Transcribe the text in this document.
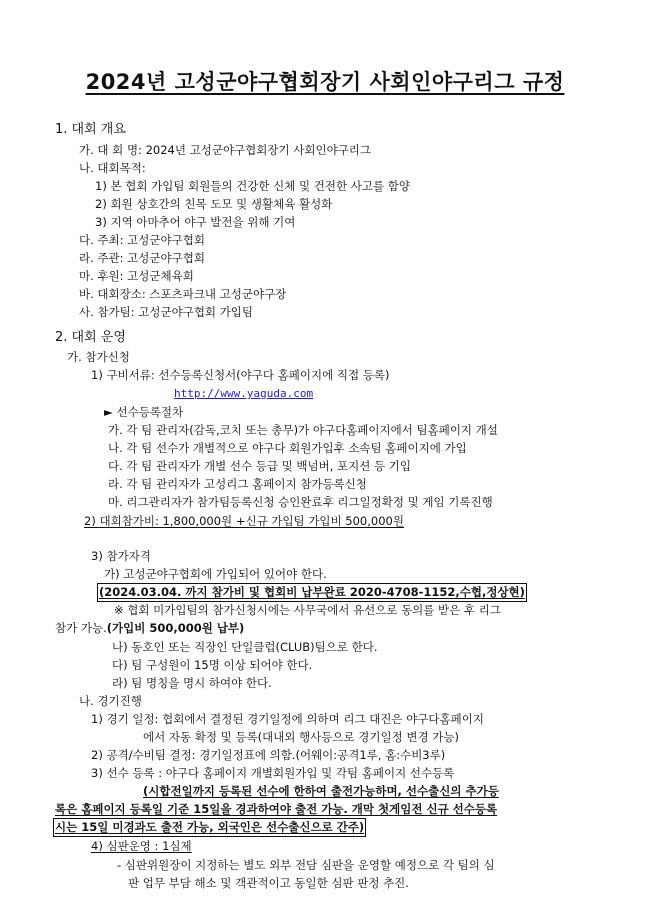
2024년 고성군야구협회장기 사회인야구리그 규정
1. 대회 개요
가. 대 회 명: 2024년 고성군야구협회장기 사회인야구리그
나. 대회목적:
1) 본 협회 가입팀 회원들의 건강한 신체 및 건전한 사고를 함양
2) 회원 상호간의 친목 도모 및 생활체육 활성화
3) 지역 아마추어 야구 발전을 위해 기여
다. 주최: 고성군야구협회
라. 주관: 고성군야구협회
마. 후원: 고성군체육회
바. 대회장소: 스포츠파크내 고성군야구장
사. 참가팀: 고성군야구협회 가입팀
2. 대회 운영
가. 참가신청
1) 구비서류: 선수등록신청서(야구다 홈페이지에 직접 등록)
http://www.yaguda.com
► 선수등록절차
가. 각 팀 관리자(감독,코치 또는 총무)가 야구다홈페이지에서 팀홈페이지 개설
나. 각 팀 선수가 개별적으로 야구다 회원가입후 소속팀 홈페이지에 가입
다. 각 팀 관리자가 개별 선수 등급 및 백넘버, 포지션 등 기입
라. 각 팀 관리자가 고성리그 홈페이지 참가등록신청
마. 리그관리자가 참가팀등록신청 승인완료후 리그일정확정 및 게임 기록진행
2) 대회참가비: 1,800,000원 +신규 가입팀 가입비 500,000원
3) 참가자격
가) 고성군야구협회에 가입되어 있어야 한다.
(2024.03.04. 까지 참가비 및 협회비 납부완료 2020-4708-1152,수협,정상현)
※ 협회 미가입팀의 참가신청시에는 사무국에서 유선으로 동의를 받은 후 리그
참가 가능.(가입비 500,000원 납부)
나) 동호인 또는 직장인 단일클럽(CLUB)팀으로 한다.
다) 팀 구성원이 15명 이상 되어야 한다.
라) 팀 명칭을 명시 하여야 한다.
나. 경기진행
1) 경기 일정: 협회에서 결정된 경기일정에 의하며 리그 대진은 야구다홈페이지
에서 자동 확정 및 등록(대내외 행사등으로 경기일정 변경 가능)
2) 공격/수비팀 결정: 경기일정표에 의함.(어웨이:공격1루, 홈:수비3루)
3) 선수 등록 : 야구다 홈페이지 개별회원가입 및 각팀 홈페이지 선수등록
(시합전일까지 등록된 선수에 한하여 출전가능하며, 선수출신의 추가등
록은 홈페이지 등록일 기준 15일을 경과하여야 출전 가능. 개막 첫게임전 신규 선수등록
시는 15일 미경과도 출전 가능, 외국인은 선수출신으로 간주)
4) 심판운영 : 1심제
- 심판위원장이 지정하는 별도 외부 전담 심판을 운영할 예정으로 각 팀의 심
판 업무 부담 해소 및 객관적이고 동일한 심판 판정 추진.
